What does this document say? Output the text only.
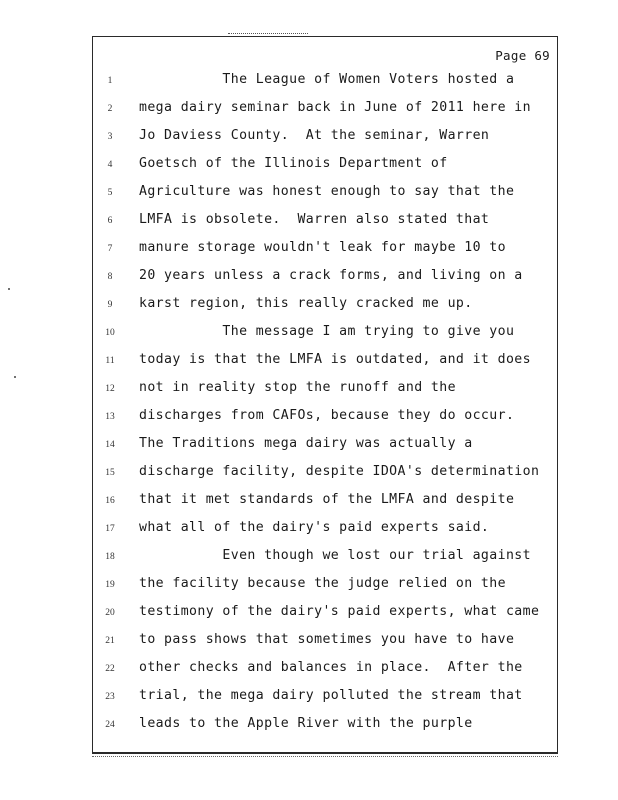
Page 69
1	The League of Women Voters hosted a
2	mega dairy seminar back in June of 2011 here in
3	Jo Daviess County.  At the seminar, Warren
4	Goetsch of the Illinois Department of
5	Agriculture was honest enough to say that the
6	LMFA is obsolete.  Warren also stated that
7	manure storage wouldn't leak for maybe 10 to
8	20 years unless a crack forms, and living on a
9	karst region, this really cracked me up.
10	The message I am trying to give you
11	today is that the LMFA is outdated, and it does
12	not in reality stop the runoff and the
13	discharges from CAFOs, because they do occur.
14	The Traditions mega dairy was actually a
15	discharge facility, despite IDOA's determination
16	that it met standards of the LMFA and despite
17	what all of the dairy's paid experts said.
18	Even though we lost our trial against
19	the facility because the judge relied on the
20	testimony of the dairy's paid experts, what came
21	to pass shows that sometimes you have to have
22	other checks and balances in place.  After the
23	trial, the mega dairy polluted the stream that
24	leads to the Apple River with the purple
